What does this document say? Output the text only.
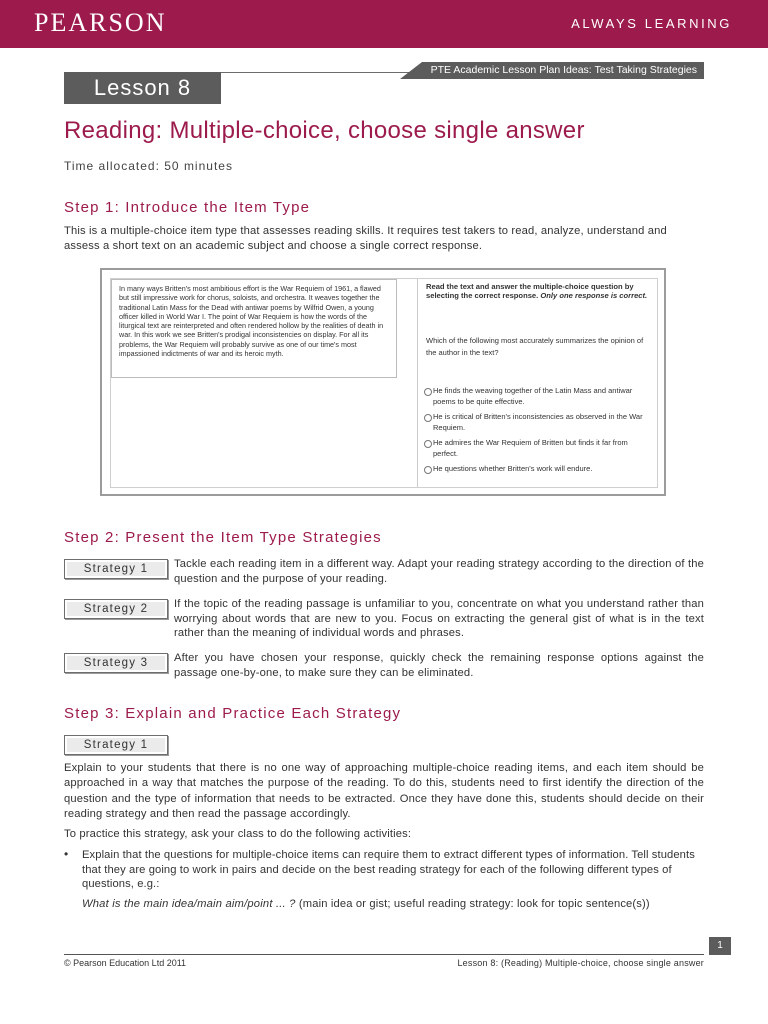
PEARSON	ALWAYS LEARNING
PTE Academic Lesson Plan Ideas: Test Taking Strategies
Lesson 8
Reading: Multiple-choice, choose single answer
Time allocated: 50 minutes
Step 1: Introduce the Item Type

This is a multiple-choice item type that assesses reading skills. It requires test takers to read, analyze, understand and assess a short text on an academic subject and choose a single correct response.

In many ways Britten's most ambitious effort is the War Requiem of 1961, a flawed but still impressive work for chorus, soloists, and orchestra. It weaves together the traditional Latin Mass for the Dead with antiwar poems by Wilfrid Owen, a young officer killed in World War I. The point of War Requiem is how the words of the liturgical text are reinterpreted and often rendered hollow by the realities of death in war. In this work we see Britten's prodigal inconsistencies on display. For all its problems, the War Requiem will probably survive as one of our time's most impassioned indictments of war and its heroic myth.
Read the text and answer the multiple-choice question by selecting the correct response. Only one response is correct.
Which of the following most accurately summarizes the opinion of the author in the text?
He finds the weaving together of the Latin Mass and antiwar poems to be quite effective.
He is critical of Britten's inconsistencies as observed in the War Requiem.
He admires the War Requiem of Britten but finds it far from perfect.
He questions whether Britten's work will endure.
Step 2: Present the Item Type Strategies
Strategy 1	Tackle each reading item in a different way. Adapt your reading strategy according to the direction of the question and the purpose of your reading.

Strategy 2	If the topic of the reading passage is unfamiliar to you, concentrate on what you understand rather than worrying about words that are new to you. Focus on extracting the general gist of what is in the text rather than the meaning of individual words and phrases.

Strategy 3	After you have chosen your response, quickly check the remaining response options against the passage one-by-one, to make sure they can be eliminated.

Step 3: Explain and Practice Each Strategy
Strategy 1

Explain to your students that there is no one way of approaching multiple-choice reading items, and each item should be approached in a way that matches the purpose of the reading. To do this, students need to first identify the direction of the question and the type of information that needs to be extracted. Once they have done this, students should decide on their reading strategy and then read the passage accordingly.

To practice this strategy, ask your class to do the following activities:

• Explain that the questions for multiple-choice items can require them to extract different types of information. Tell students that they are going to work in pairs and decide on the best reading strategy for each of the following different types of questions, e.g.:

What is the main idea/main aim/point ... ? (main idea or gist; useful reading strategy: look for topic sentence(s))

1
© Pearson Education Ltd 2011	Lesson 8: (Reading) Multiple-choice, choose single answer
